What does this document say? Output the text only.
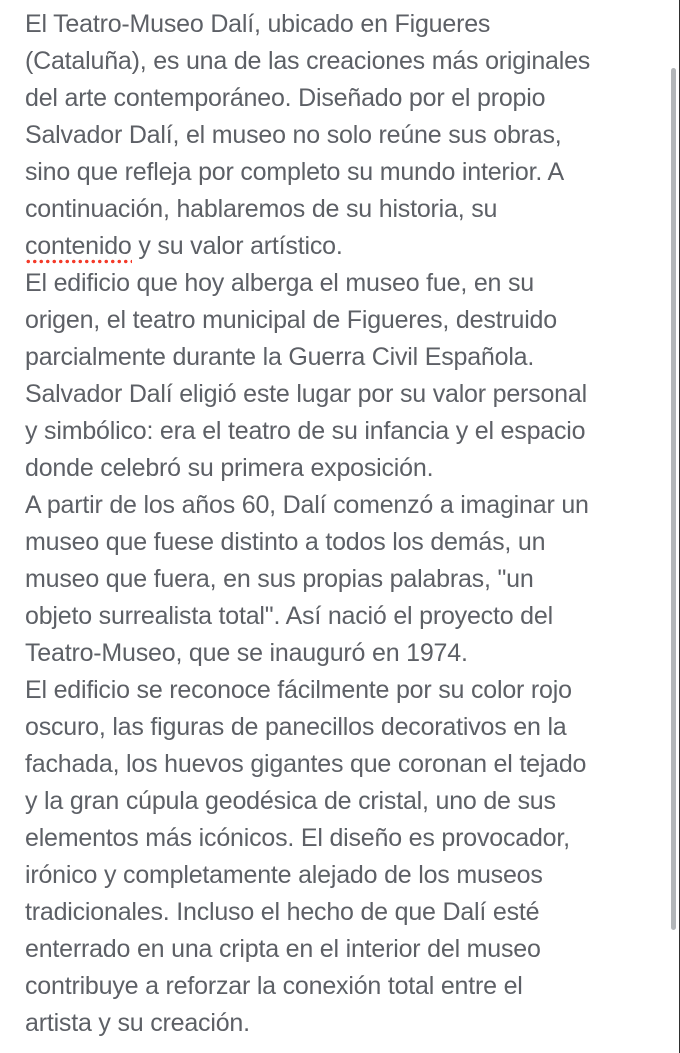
El Teatro-Museo Dalí, ubicado en Figueres
(Cataluña), es una de las creaciones más originales
del arte contemporáneo. Diseñado por el propio
Salvador Dalí, el museo no solo reúne sus obras,
sino que refleja por completo su mundo interior. A
continuación, hablaremos de su historia, su
contenido y su valor artístico.

El edificio que hoy alberga el museo fue, en su
origen, el teatro municipal de Figueres, destruido
parcialmente durante la Guerra Civil Española.
Salvador Dalí eligió este lugar por su valor personal
y simbólico: era el teatro de su infancia y el espacio
donde celebró su primera exposición.

A partir de los años 60, Dalí comenzó a imaginar un
museo que fuese distinto a todos los demás, un
museo que fuera, en sus propias palabras, "un
objeto surrealista total". Así nació el proyecto del
Teatro-Museo, que se inauguró en 1974.

El edificio se reconoce fácilmente por su color rojo
oscuro, las figuras de panecillos decorativos en la
fachada, los huevos gigantes que coronan el tejado
y la gran cúpula geodésica de cristal, uno de sus
elementos más icónicos. El diseño es provocador,
irónico y completamente alejado de los museos
tradicionales. Incluso el hecho de que Dalí esté
enterrado en una cripta en el interior del museo
contribuye a reforzar la conexión total entre el
artista y su creación.
